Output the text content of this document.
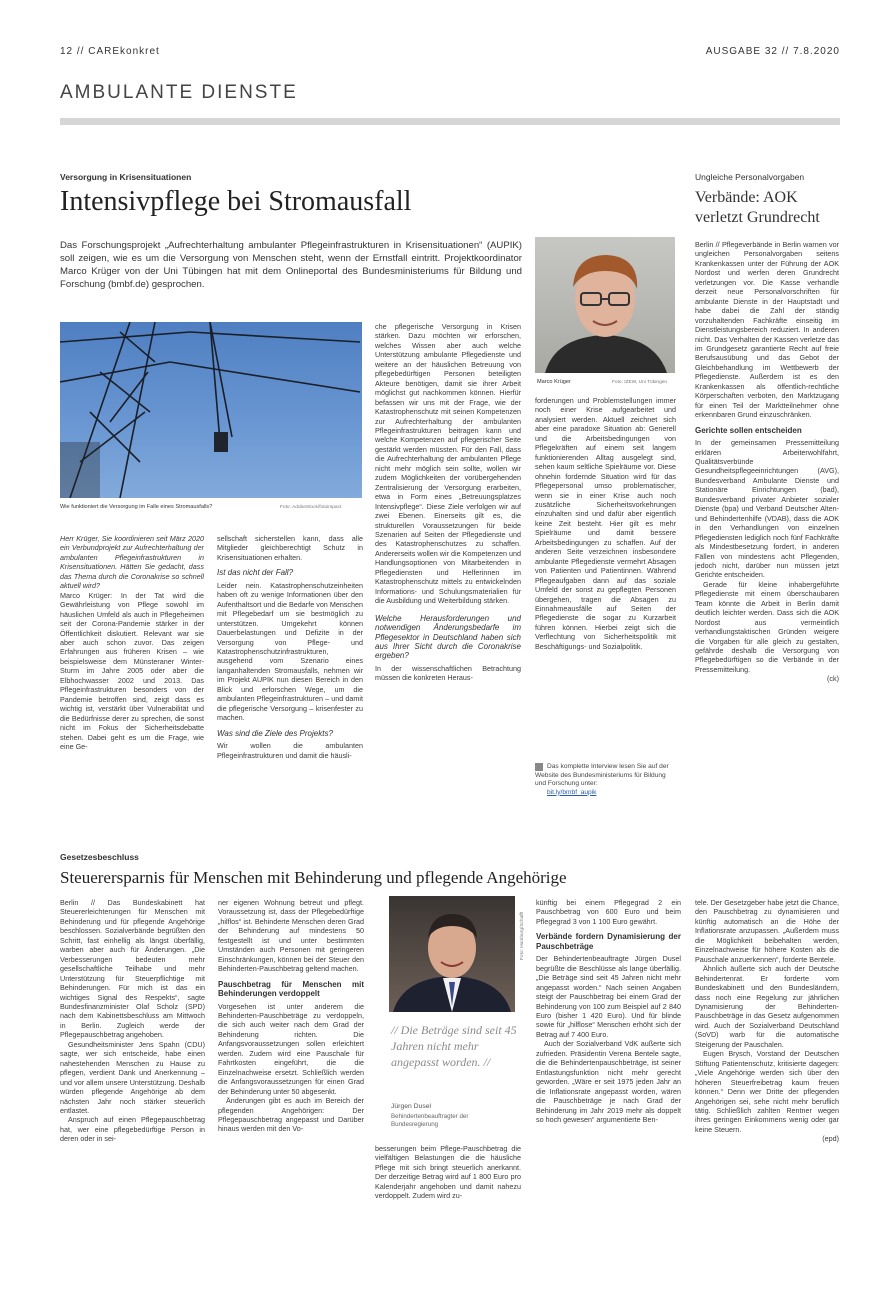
12 // CAREkonkret	AUSGABE 32 // 7.8.2020
AMBULANTE DIENSTE
Versorgung in Krisensituationen
Intensivpflege bei Stromausfall
Das Forschungsprojekt „Aufrechterhaltung ambulanter Pflegeinfrastrukturen in Krisensituationen“ (AUPIK) soll zeigen, wie es um die Versorgung von Menschen steht, wenn der Ernstfall eintritt. Projektkoordinator Marco Krüger von der Uni Tübingen hat mit dem Onlineportal des Bundesministeriums für Bildung und Forschung (bmbf.de) gesprochen.
Wie funktioniert die Versorgung im Falle eines Stromausfalls?	Foto: AdobeStock/fotoimpact
Marco Krüger	Foto: IZEW, Uni Tübingen

Herr Krüger, Sie koordinieren seit März 2020 ein Verbundprojekt zur Aufrechterhaltung der ambulanten Pflegeinfrastrukturen in Krisensituationen. Hätten Sie gedacht, dass das Thema durch die Coronakrise so schnell aktuell wird?

Marco Krüger: In der Tat wird die Gewährleistung von Pflege sowohl im häuslichen Umfeld als auch in Pflegeheimen seit der Corona-Pandemie stärker in der Öffentlichkeit diskutiert. Relevant war sie aber auch schon zuvor. Das zeigen Erfahrungen aus früheren Krisen – wie beispielsweise dem Münsteraner Winter-Sturm im Jahre 2005 oder aber die Elbhochwasser 2002 und 2013. Das Pflegeinfrastrukturen besonders von der Pandemie betroffen sind, zeigt dass es wichtig ist, verstärkt über Vulnerabilität und die Bedürfnisse derer zu sprechen, die sonst nicht im Fokus der Sicherheitsdebatte stehen. Dabei geht es um die Frage, wie eine Ge-

sellschaft sicherstellen kann, dass alle Mitglieder gleichberechtigt Schutz in Krisensituationen erhalten.

Ist das nicht der Fall?

Leider nein. Katastrophenschutzeinheiten haben oft zu wenige Informationen über den Aufenthaltsort und die Bedarfe von Menschen mit Pflegebedarf um sie bestmöglich zu unterstützen. Umgekehrt können Dauerbelastungen und Defizite in der Versorgung von Pflege- und Katastrophenschutzinfrastrukturen, ausgehend vom Szenario eines langanhaltenden Stromausfalls, nehmen wir im Projekt AUPIK nun diesen Bereich in den Blick und erforschen Wege, um die ambulanten Pflegeinfrastrukturen – und damit die pflegerische Versorgung – krisenfester zu machen.

Was sind die Ziele des Projekts?

Wir wollen die ambulanten Pflegeinfrastrukturen und damit die häusli-

che pflegerische Versorgung in Krisen stärken. Dazu möchten wir erforschen, welches Wissen aber auch welche Unterstützung ambulante Pflegedienste und weitere an der häuslichen Betreuung von pflegebedürftigen Personen beteiligten Akteure benötigen, damit sie ihrer Arbeit möglichst gut nachkommen können. Hierfür befassen wir uns mit der Frage, wie der Katastrophenschutz mit seinen Kompetenzen zur Aufrechterhaltung der ambulanten Pflegeinfrastrukturen beitragen kann und welche Kompetenzen auf pflegerischer Seite gestärkt werden müssten. Für den Fall, dass die Aufrechterhaltung der ambulanten Pflege nicht mehr möglich sein sollte, wollen wir zudem Möglichkeiten der vorübergehenden Zentralisierung der Versorgung erarbeiten, etwa in Form eines „Betreuungsplatzes Intensivpflege“. Diese Ziele verfolgen wir auf zwei Ebenen. Einerseits gilt es, die strukturellen Voraussetzungen für beide Szenarien auf Seiten der Pflegedienste und des Katastrophenschutzes zu schaffen. Andererseits wollen wir die Kompetenzen und Handlungsoptionen von Mitarbeitenden in Pflegediensten und Helferinnen im Katastrophenschutz mittels zu entwickelnden Informations- und Schulungsmaterialien für die Ausbildung und Weiterbildung stärken.

Welche Herausforderungen und notwendigen Änderungsbedarfe im Pflegesektor in Deutschland haben sich aus Ihrer Sicht durch die Coronakrise ergeben?

In der wissenschaftlichen Betrachtung müssen die konkreten Heraus-

forderungen und Problemstellungen immer noch einer Krise aufgearbeitet und analysiert werden. Aktuell zeichnet sich aber eine paradoxe Situation ab: Generell und die Arbeitsbedingungen von Pflegekräften auf einem seit langem funktionierenden Alltag ausgelegt sind, sehen kaum seltliche Spielräume vor. Diese ohnehin fordernde Situation wird für das Pflegepersonal umso problematischer, wenn sie in einer Krise auch noch zusätzliche Sicherheitsvorkehrungen einzuhalten sind und dafür aber eigentlich keine Zeit besteht. Hier gilt es mehr Spielräume und damit bessere Arbeitsbedingungen zu schaffen. Auf der anderen Seite verzeichnen insbesondere ambulante Pflegedienste vermehrt Absagen von Patienten und Patientinnen. Während Pflegeaufgaben dann auf das soziale Umfeld der sonst zu gepflegten Personen übergehen, tragen die Absagen zu Einnahmeausfälle auf Seiten der Pflegedienste die sogar zu Kurzarbeit führen können. Hierbei zeigt sich die Verflechtung von Sicherheitspolitik mit Beschäftigungs- und Sozialpolitik.

Das komplette Interview lesen Sie auf der Website des Bundesministeriums für Bildung und Forschung unter:
bit.ly/bmbf_aupik
Ungleiche Personalvorgaben
Verbände: AOK verletzt Grundrecht

Berlin // Pflegeverbände in Berlin warnen vor ungleichen Personalvorgaben seitens Krankenkassen unter der Führung der AOK Nordost und werfen deren Grundrecht verletzungen vor. Die Kasse verhandle derzeit neue Personalvorschriften für ambulante Dienste in der Hauptstadt und habe dabei die Zahl der ständig vorzuhaltenden Fachkräfte einseitig im Dienstleistungsbereich reduziert. In anderen nicht. Das Verhalten der Kassen verletze das im Grundgesetz garantierte Recht auf freie Berufsausübung und das Gebot der Gleichbehandlung im Wettbewerb der Pflegedienste. Außerdem ist es den Krankenkassen als öffentlich-rechtliche Körperschaften verboten, den Marktzugang für einen Teil der Marktteilnehmer ohne erkennbaren Grund einzuschränken.

Gerichte sollen entscheiden

In der gemeinsamen Pressemitteilung erklären Arbeiterwohlfahrt, Qualitätsverbünde Gesundheitspflegeeinrichtungen (AVG), Bundesverband Ambulante Dienste und Stationäre Einrichtungen (bad), Bundesverband privater Anbieter sozialer Dienste (bpa) und Verband Deutscher Alten- und Behindertenhilfe (VDAB), dass die AOK in den Verhandlungen von einzelnen Pflegediensten lediglich noch fünf Fachkräfte als Mindestbesetzung fordert, in anderen Fällen von mindestens acht Pflegenden, jedoch nicht, darüber nun müssen jetzt Gerichte entscheiden.

Gerade für kleine inhabergeführte Pflegedienste mit einem überschaubaren Team könnte die Arbeit in Berlin damit deutlich leichter werden. Dass sich die AOK Nordost aus vermeintlich verhandlungstaktischen Gründen weigere die Vorgaben für alle gleich zu gestalten, gefährde deshalb die Versorgung von Pflegebedürftigen so die Verbände in der Pressemitteilung.

(ck)
Gesetzesbeschluss
Steuerersparnis für Menschen mit Behinderung und pflegende Angehörige

Berlin // Das Bundeskabinett hat Steuererleichterungen für Menschen mit Behinderung und für pflegende Angehörige beschlossen. Sozialverbände begrüßten den Schritt, fast einhellig als längst überfällig, warben aber auch für Änderungen. „Die Verbesserungen bedeuten mehr gesellschaftliche Teilhabe und mehr Unterstützung für Steuerpflichtige mit Behinderungen. Für mich ist das ein wichtiges Signal des Respekts“, sagte Bundesfinanzminister Olaf Scholz (SPD) nach dem Kabinettsbeschluss am Mittwoch in Berlin. Zugleich werde der Pflegepauschbetrag angehoben.

Gesundheitsminister Jens Spahn (CDU) sagte, wer sich entscheide, habe einen nahestehenden Menschen zu Hause zu pflegen, verdient Dank und Anerkennung – und vor allem unsere Unterstützung. Deshalb würden pflegende Angehörige ab dem nächsten Jahr noch stärker steuerlich entlastet.

Anspruch auf einen Pflegepauschbetrag hat, wer eine pflegebedürftige Person in deren oder in sei-

ner eigenen Wohnung betreut und pflegt. Voraussetzung ist, dass der Pflegebedürftige „hilflos“ ist. Behinderte Menschen deren Grad der Behinderung auf mindestens 50 festgestellt ist und unter bestimmten Umständen auch Personen mit geringeren Einschränkungen, können bei der Steuer den Behinderten-Pauschbetrag geltend machen.

Pauschbetrag für Menschen mit Behinderungen verdoppelt

Vorgesehen ist unter anderem die Behinderten-Pauschbeträge zu verdoppeln, die sich auch weiter nach dem Grad der Behinderung richten. Die Anfangsvoraussetzungen sollen erleichtert werden. Zudem wird eine Pauschale für Fahrtkosten eingeführt, die die Einzelnachweise ersetzt. Schließlich werden die Anfangsvoraussetzungen für einen Grad der Behinderung unter 50 abgesenkt.

Änderungen gibt es auch im Bereich der pflegenden Angehörigen: Der Pflegepauschbetrag angepasst und Darüber hinaus werden mit den Vo-

Foto: Hamburg/Schafft
// Die Beträge sind seit 45 Jahren nicht mehr angepasst worden. //
Jürgen Dusel
Behindertenbeauftragter der Bundesregierung

besserungen beim Pflege-Pauschbetrag die vielfältigen Belastungen die die häusliche Pflege mit sich bringt steuerlich anerkannt. Der derzeitige Betrag wird auf 1 800 Euro pro Kalenderjahr angehoben und damit nahezu verdoppelt. Zudem wird zu-

künftig bei einem Pflegegrad 2 ein Pauschbetrag von 600 Euro und beim Pflegegrad 3 von 1 100 Euro gewährt.

Verbände fordern Dynamisierung der Pauschbeträge

Der Behindertenbeauftragte Jürgen Dusel begrüßte die Beschlüsse als lange überfällig. „Die Beträge sind seit 45 Jahren nicht mehr angepasst worden.“ Nach seinen Angaben steigt der Pauschbetrag bei einem Grad der Behinderung von 100 zum Beispiel auf 2 840 Euro (bisher 1 420 Euro). Und für blinde sowie für „hilflose“ Menschen erhöht sich der Betrag auf 7 400 Euro.

Auch der Sozialverband VdK außerte sich zufrieden. Präsidentin Verena Bentele sagte, die die Behindertenpauschbeträge, ist seiner Entlastungsfunktion nicht mehr gerecht geworden. „Wäre er seit 1975 jeden Jahr an die Inflationsrate angepasst worden, wären die Pauschbeträge je nach Grad der Behinderung im Jahr 2019 mehr als doppelt so hoch gewesen“ argumentierte Ben-

tele. Der Gesetzgeber habe jetzt die Chance, den Pauschbetrag zu dynamisieren und künftig automatisch an die Höhe der Inflationsrate anzupassen. „Außerdem muss die Möglichkeit beibehalten werden, Einzelnachweise für höhere Kosten als die Pauschale anzuerkennen“, forderte Bentele.

Ähnlich äußerte sich auch der Deutsche Behindertenrat. Er forderte vom Bundeskabinett und den Bundesländern, dass noch eine Regelung zur jährlichen Dynamisierung der Behinderten-Pauschbeträge in das Gesetz aufgenommen wird. Auch der Sozialverband Deutschland (SoVD) warb für die automatische Steigerung der Pauschalen.

Eugen Brysch, Vorstand der Deutschen Stiftung Patientenschutz, kritisierte dagegen: „Viele Angehörige werden sich über den höheren Steuerfreibetrag kaum freuen können.“ Denn wer Dritte der pflegenden Angehörigen sei, sehe nicht mehr beruflich tätig. Schließlich zahlten Rentner wegen ihres geringen Einkommens wenig oder gar keine Steuern.

(epd)
